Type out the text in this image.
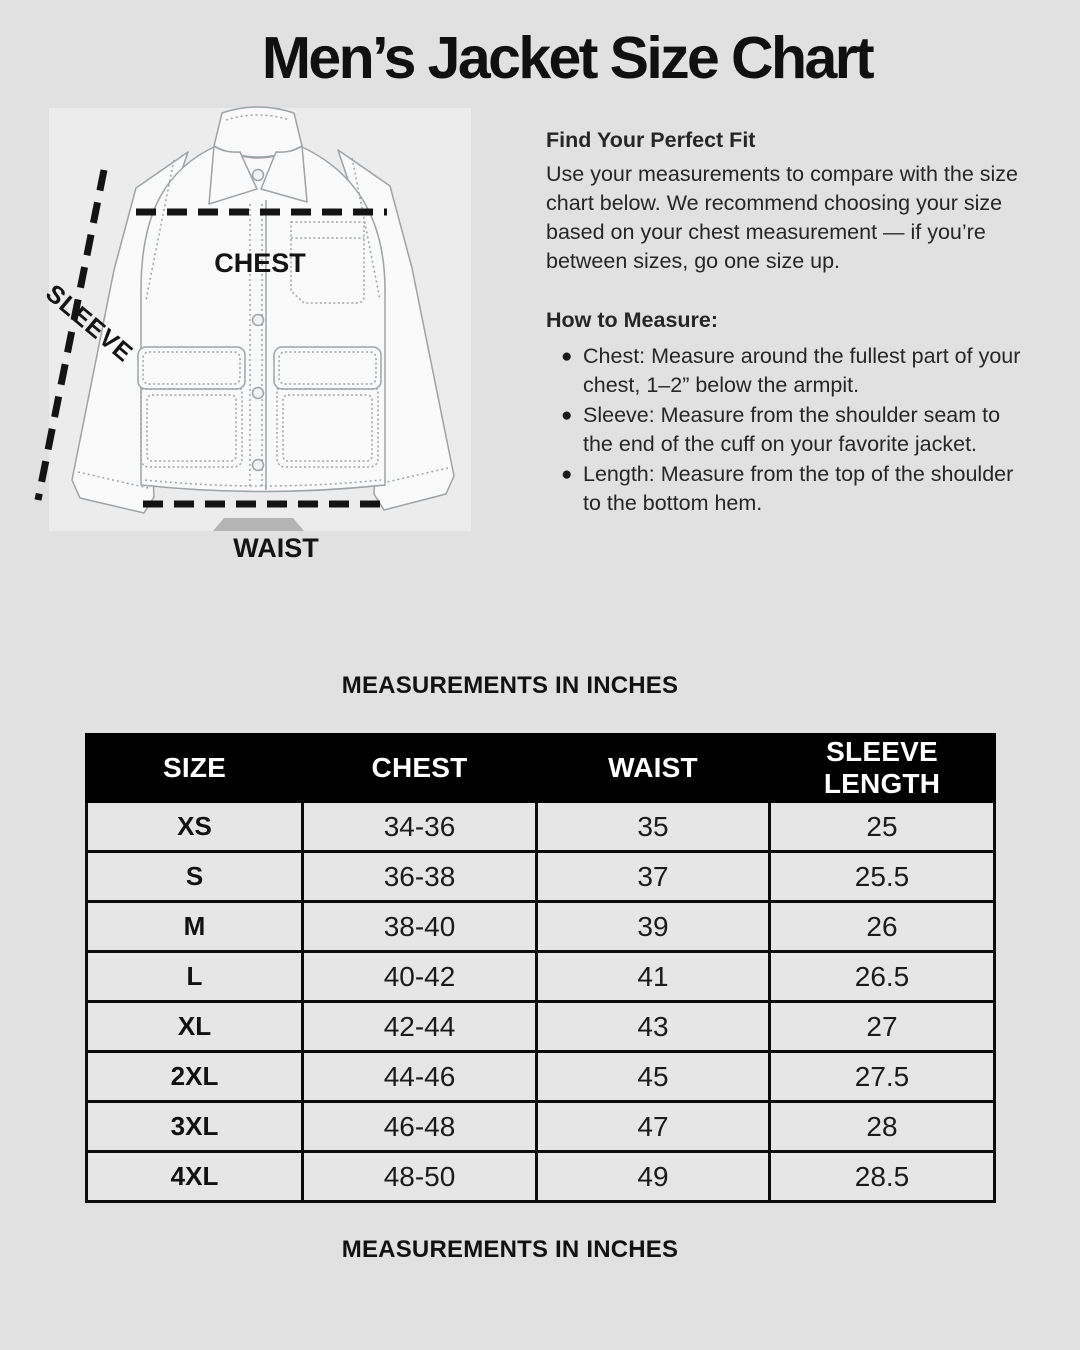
Men’s Jacket Size Chart
CHEST
WAIST
SLEEVE

Find Your Perfect Fit

Use your measurements to compare with the size chart below. We recommend choosing your size based on your chest measurement — if you’re between sizes, go one size up.

How to Measure:

● Chest: Measure around the fullest part of your chest, 1–2” below the armpit.
● Sleeve: Measure from the shoulder seam to the end of the cuff on your favorite jacket.
● Length: Measure from the top of the shoulder to the bottom hem.
MEASUREMENTS IN INCHES
SIZE	CHEST	WAIST	SLEEVE LENGTH
XS	34-36	35	25
S	36-38	37	25.5
M	38-40	39	26
L	40-42	41	26.5
XL	42-44	43	27
2XL	44-46	45	27.5
3XL	46-48	47	28
4XL	48-50	49	28.5
MEASUREMENTS IN INCHES
